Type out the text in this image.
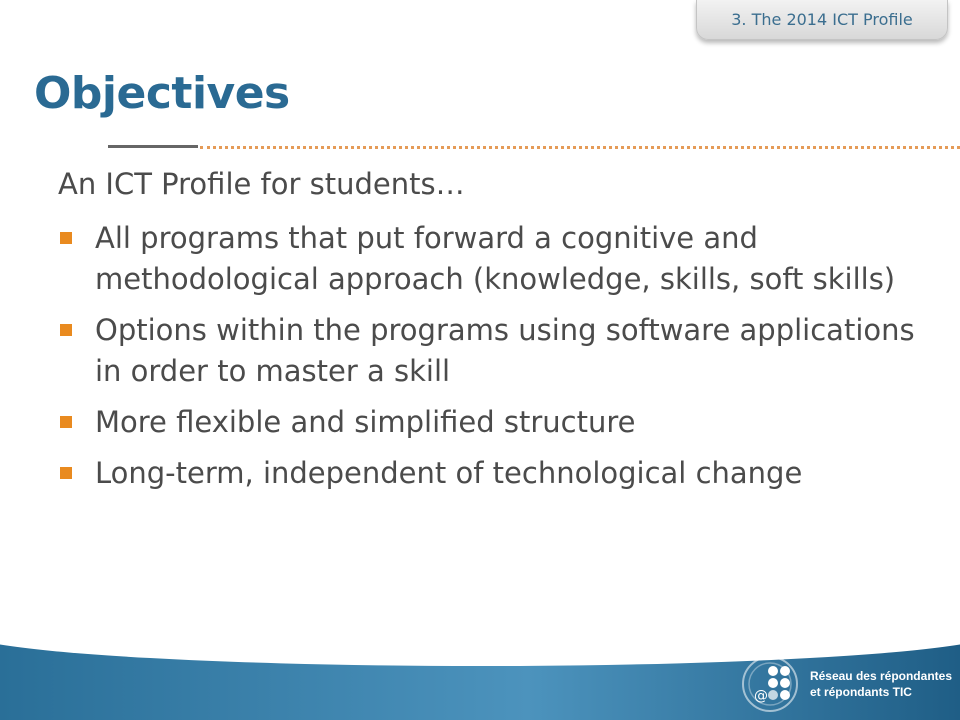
3. The 2014 ICT Profile
Objectives

An ICT Profile for students…

All programs that put forward a cognitive and methodological approach (knowledge, skills, soft skills)
Options within the programs using software applications in order to master a skill
More flexible and simplified structure
Long-term, independent of technological change
@
Réseau des répondantes
et répondants TIC
